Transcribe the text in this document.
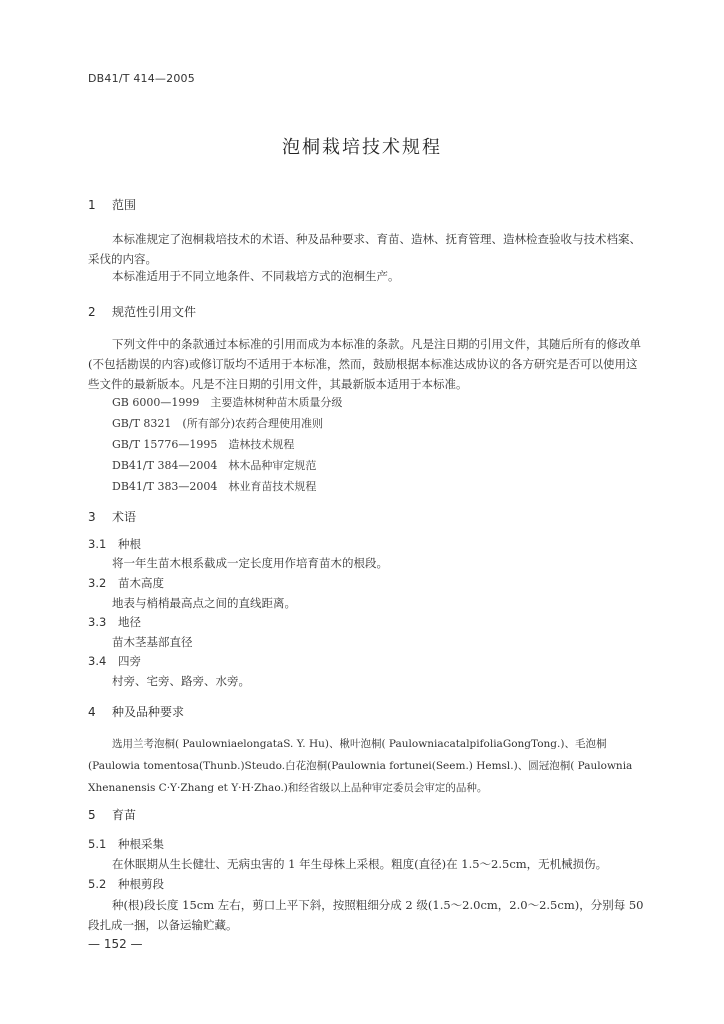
DB41/T 414—2005
泡桐栽培技术规程
1 范围

本标准规定了泡桐栽培技术的术语、种及品种要求、育苗、造林、抚育管理、造林检查验收与技术档案、采伐的内容。

本标准适用于不同立地条件、不同栽培方式的泡桐生产。

2 规范性引用文件

下列文件中的条款通过本标准的引用而成为本标准的条款。凡是注日期的引用文件，其随后所有的修改单(不包括勘误的内容)或修订版均不适用于本标准，然而，鼓励根据本标准达成协议的各方研究是否可以使用这些文件的最新版本。凡是不注日期的引用文件，其最新版本适用于本标准。

GB 6000—1999　主要造林树种苗木质量分级
GB/T 8321　(所有部分)农药合理使用准则
GB/T 15776—1995　造林技术规程
DB41/T 384—2004　林木品种审定规范
DB41/T 383—2004　林业育苗技术规程
3 术语
3.1 种根
将一年生苗木根系截成一定长度用作培育苗木的根段。
3.2 苗木高度
地表与梢梢最高点之间的直线距离。
3.3 地径
苗木茎基部直径
3.4 四旁
村旁、宅旁、路旁、水旁。
4 种及品种要求

选用兰考泡桐( PaulowniaelongataS. Y. Hu)、楸叶泡桐( PaulowniacatalpifoliaGongTong.)、毛泡桐(Paulowia tomentosa(Thunb.)Steudo.白花泡桐(Paulownia fortunei(Seem.) Hemsl.)、圆冠泡桐( Paulownia Xhenanensis C·Y·Zhang et Y·H·Zhao.)和经省级以上品种审定委员会审定的品种。

5 育苗
5.1 种根采集
在休眠期从生长健壮、无病虫害的 1 年生母株上采根。粗度(直径)在 1.5～2.5cm，无机械损伤。
5.2 种根剪段

种(根)段长度 15cm 左右，剪口上平下斜，按照粗细分成 2 级(1.5～2.0cm，2.0～2.5cm)，分别每 50 段扎成一捆，以备运输贮藏。

— 152 —
